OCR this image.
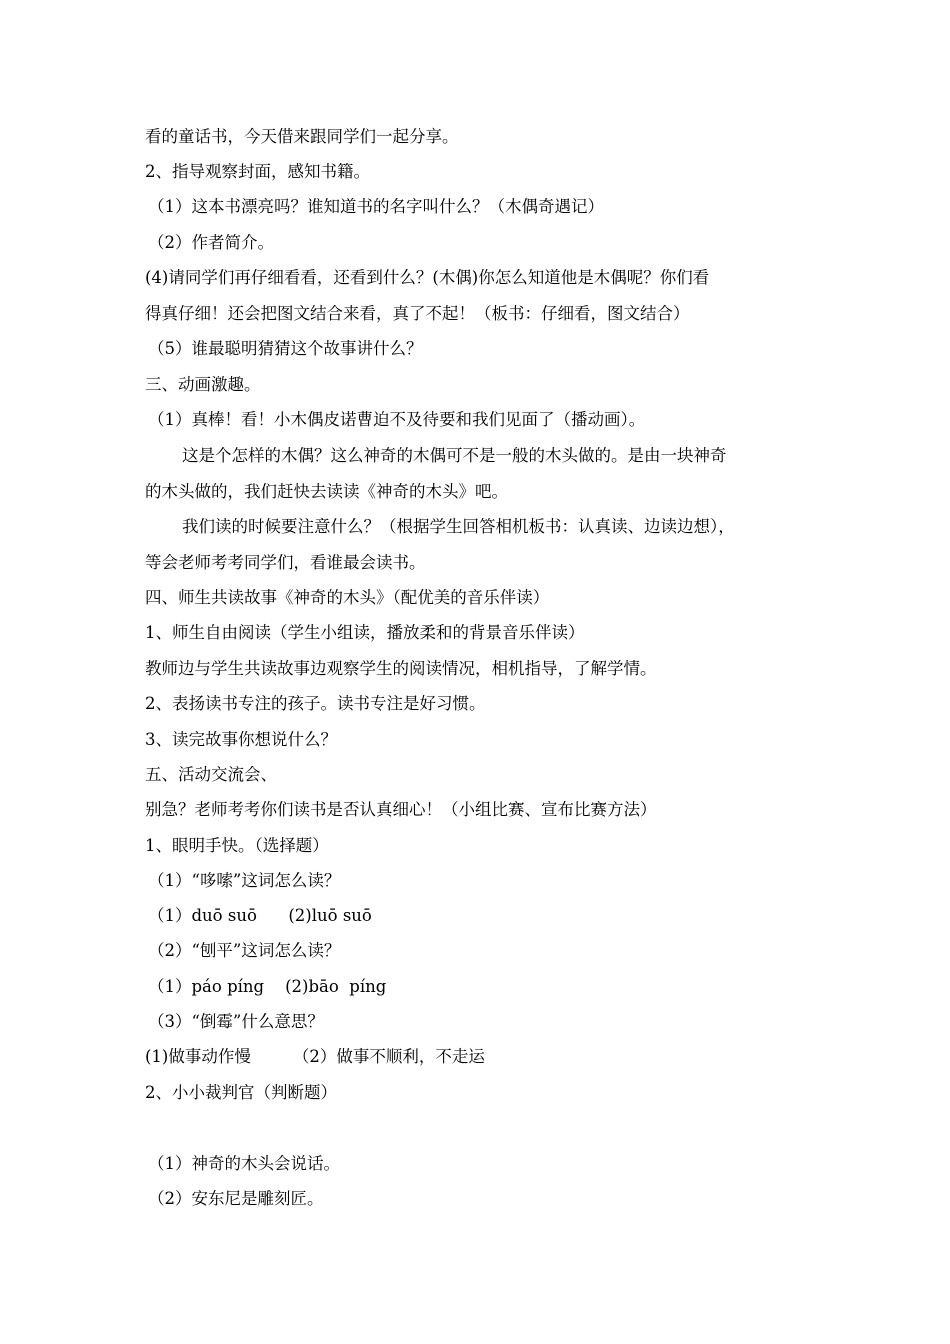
看的童话书，今天借来跟同学们一起分享。
2、指导观察封面，感知书籍。
（1）这本书漂亮吗？谁知道书的名字叫什么？（木偶奇遇记）
（2）作者简介。
(4)请同学们再仔细看看，还看到什么？(木偶)你怎么知道他是木偶呢？你们看
得真仔细！还会把图文结合来看，真了不起！（板书：仔细看，图文结合）
（5）谁最聪明猜猜这个故事讲什么？
三、动画激趣。
（1）真棒！看！小木偶皮诺曹迫不及待要和我们见面了（播动画）。
这是个怎样的木偶？这么神奇的木偶可不是一般的木头做的。是由一块神奇
的木头做的，我们赶快去读读《神奇的木头》吧。
我们读的时候要注意什么？（根据学生回答相机板书：认真读、边读边想），
等会老师考考同学们，看谁最会读书。
四、师生共读故事《神奇的木头》（配优美的音乐伴读）
1、师生自由阅读（学生小组读，播放柔和的背景音乐伴读）
教师边与学生共读故事边观察学生的阅读情况，相机指导，了解学情。
2、表扬读书专注的孩子。读书专注是好习惯。
3、读完故事你想说什么？
五、活动交流会、
别急？老师考考你们读书是否认真细心！（小组比赛、宣布比赛方法）
1、眼明手快。（选择题）
（1）“哆嗦”这词怎么读？
（1）duō suō      (2)luō suō
（2）“刨平”这词怎么读？
（1）páo píng    (2)bāo  píng
（3）“倒霉”什么意思？
(1)做事动作慢        （2）做事不顺利，不走运
2、小小裁判官（判断题）
（1）神奇的木头会说话。
（2）安东尼是雕刻匠。
